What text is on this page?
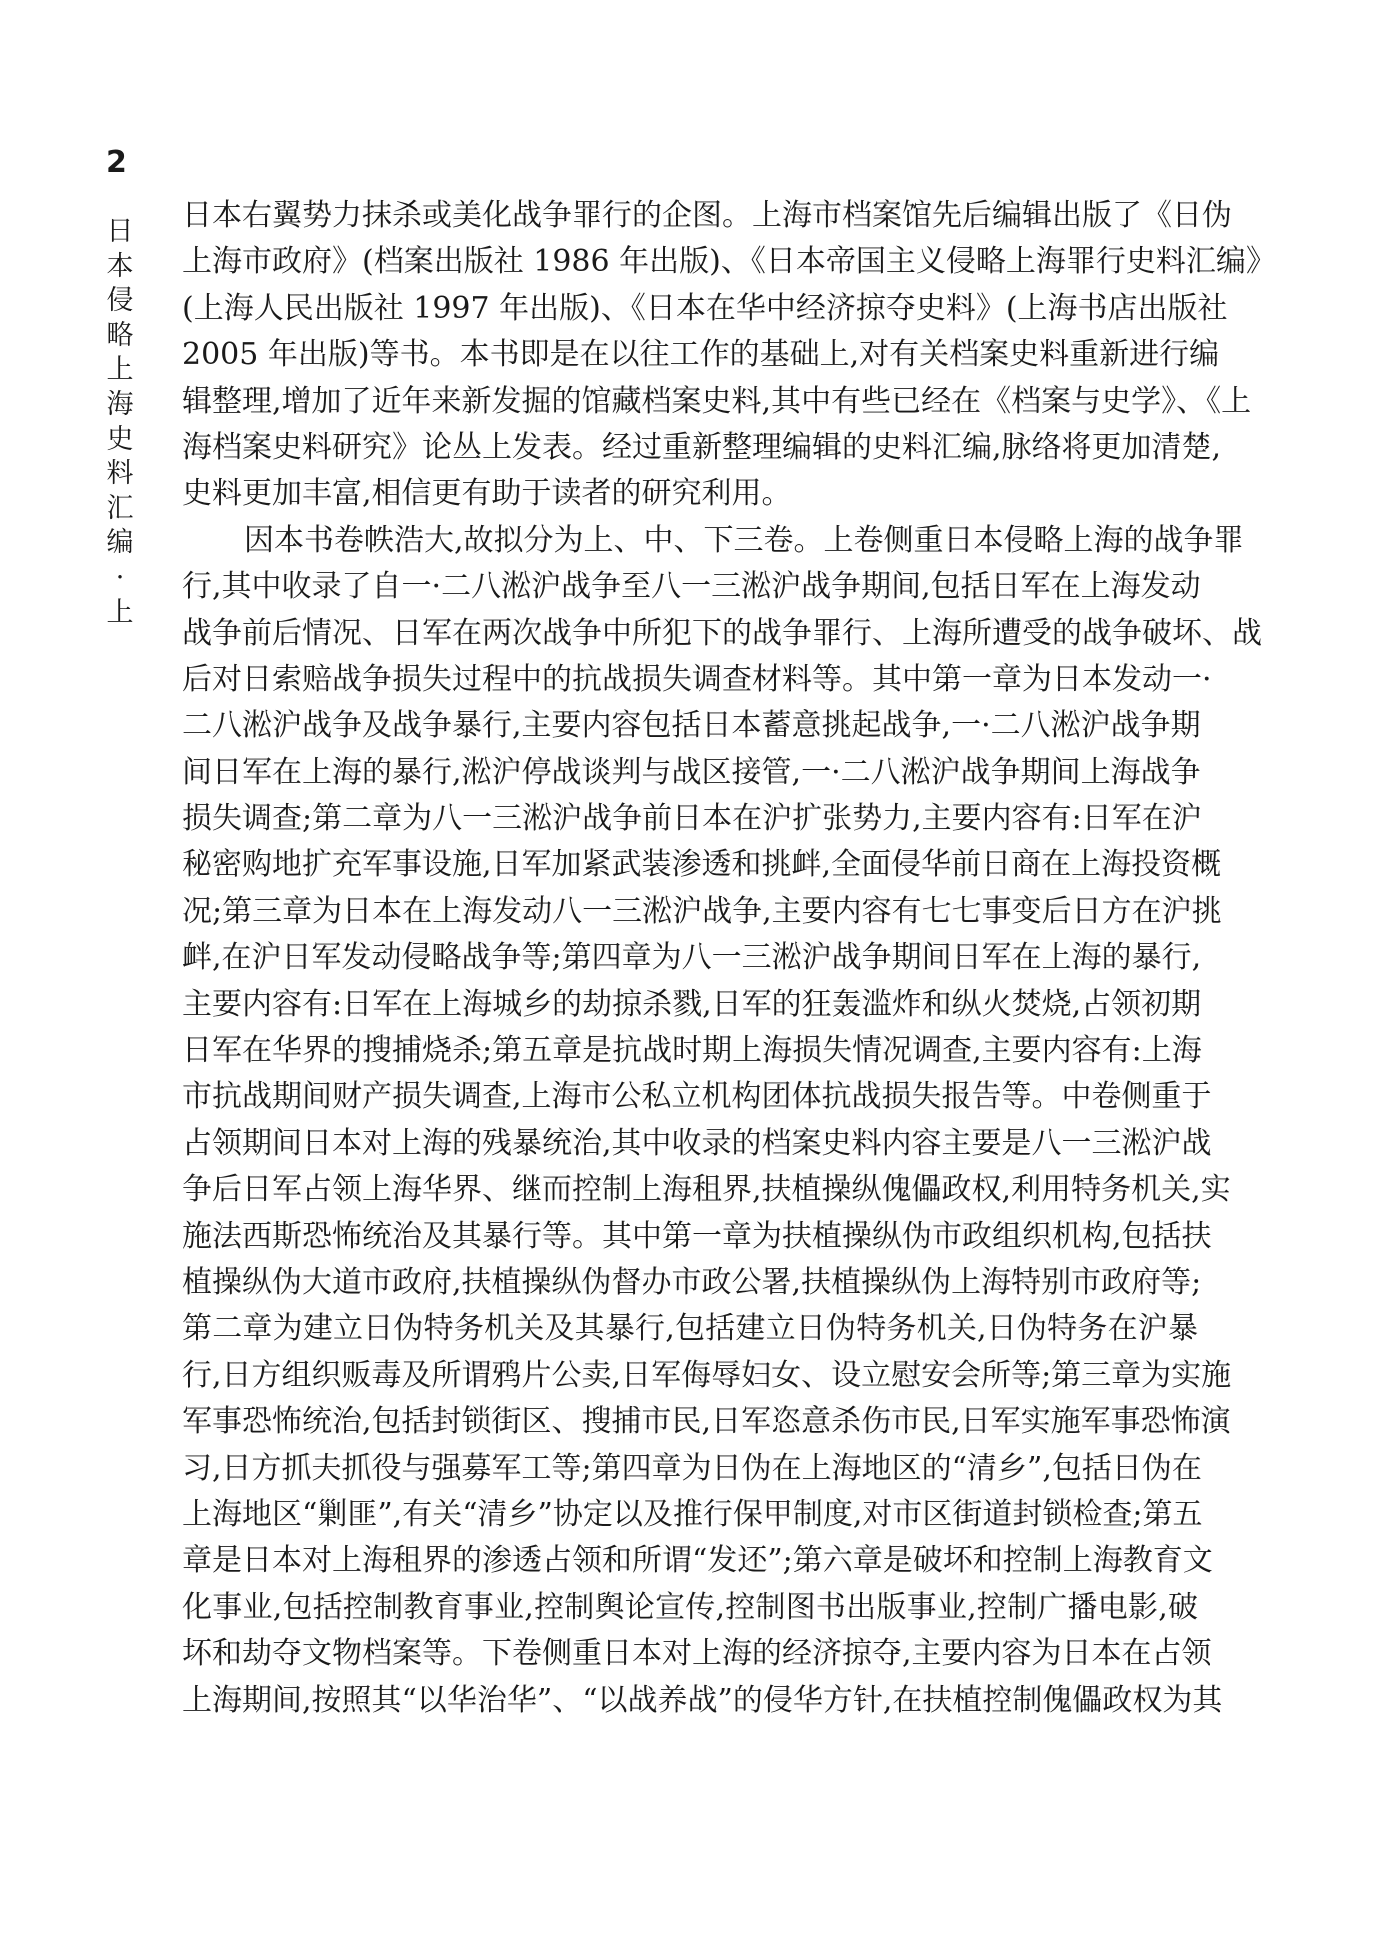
2
日本侵略上海史料汇编·上
日本右翼势力抹杀或美化战争罪行的企图。上海市档案馆先后编辑出版了《日伪
上海市政府》(档案出版社 1986 年出版)、《日本帝国主义侵略上海罪行史料汇编》
(上海人民出版社 1997 年出版)、《日本在华中经济掠夺史料》(上海书店出版社
2005 年出版)等书。本书即是在以往工作的基础上,对有关档案史料重新进行编
辑整理,增加了近年来新发掘的馆藏档案史料,其中有些已经在《档案与史学》、《上
海档案史料研究》论丛上发表。经过重新整理编辑的史料汇编,脉络将更加清楚,
史料更加丰富,相信更有助于读者的研究利用。
因本书卷帙浩大,故拟分为上、中、下三卷。上卷侧重日本侵略上海的战争罪
行,其中收录了自一·二八淞沪战争至八一三淞沪战争期间,包括日军在上海发动
战争前后情况、日军在两次战争中所犯下的战争罪行、上海所遭受的战争破坏、战
后对日索赔战争损失过程中的抗战损失调查材料等。其中第一章为日本发动一·
二八淞沪战争及战争暴行,主要内容包括日本蓄意挑起战争,一·二八淞沪战争期
间日军在上海的暴行,淞沪停战谈判与战区接管,一·二八淞沪战争期间上海战争
损失调查;第二章为八一三淞沪战争前日本在沪扩张势力,主要内容有:日军在沪
秘密购地扩充军事设施,日军加紧武装渗透和挑衅,全面侵华前日商在上海投资概
况;第三章为日本在上海发动八一三淞沪战争,主要内容有七七事变后日方在沪挑
衅,在沪日军发动侵略战争等;第四章为八一三淞沪战争期间日军在上海的暴行,
主要内容有:日军在上海城乡的劫掠杀戮,日军的狂轰滥炸和纵火焚烧,占领初期
日军在华界的搜捕烧杀;第五章是抗战时期上海损失情况调查,主要内容有:上海
市抗战期间财产损失调查,上海市公私立机构团体抗战损失报告等。中卷侧重于
占领期间日本对上海的残暴统治,其中收录的档案史料内容主要是八一三淞沪战
争后日军占领上海华界、继而控制上海租界,扶植操纵傀儡政权,利用特务机关,实
施法西斯恐怖统治及其暴行等。其中第一章为扶植操纵伪市政组织机构,包括扶
植操纵伪大道市政府,扶植操纵伪督办市政公署,扶植操纵伪上海特别市政府等;
第二章为建立日伪特务机关及其暴行,包括建立日伪特务机关,日伪特务在沪暴
行,日方组织贩毒及所谓鸦片公卖,日军侮辱妇女、设立慰安会所等;第三章为实施
军事恐怖统治,包括封锁街区、搜捕市民,日军恣意杀伤市民,日军实施军事恐怖演
习,日方抓夫抓役与强募军工等;第四章为日伪在上海地区的“清乡”,包括日伪在
上海地区“剿匪”,有关“清乡”协定以及推行保甲制度,对市区街道封锁检查;第五
章是日本对上海租界的渗透占领和所谓“发还”;第六章是破坏和控制上海教育文
化事业,包括控制教育事业,控制舆论宣传,控制图书出版事业,控制广播电影,破
坏和劫夺文物档案等。下卷侧重日本对上海的经济掠夺,主要内容为日本在占领
上海期间,按照其“以华治华”、“以战养战”的侵华方针,在扶植控制傀儡政权为其
